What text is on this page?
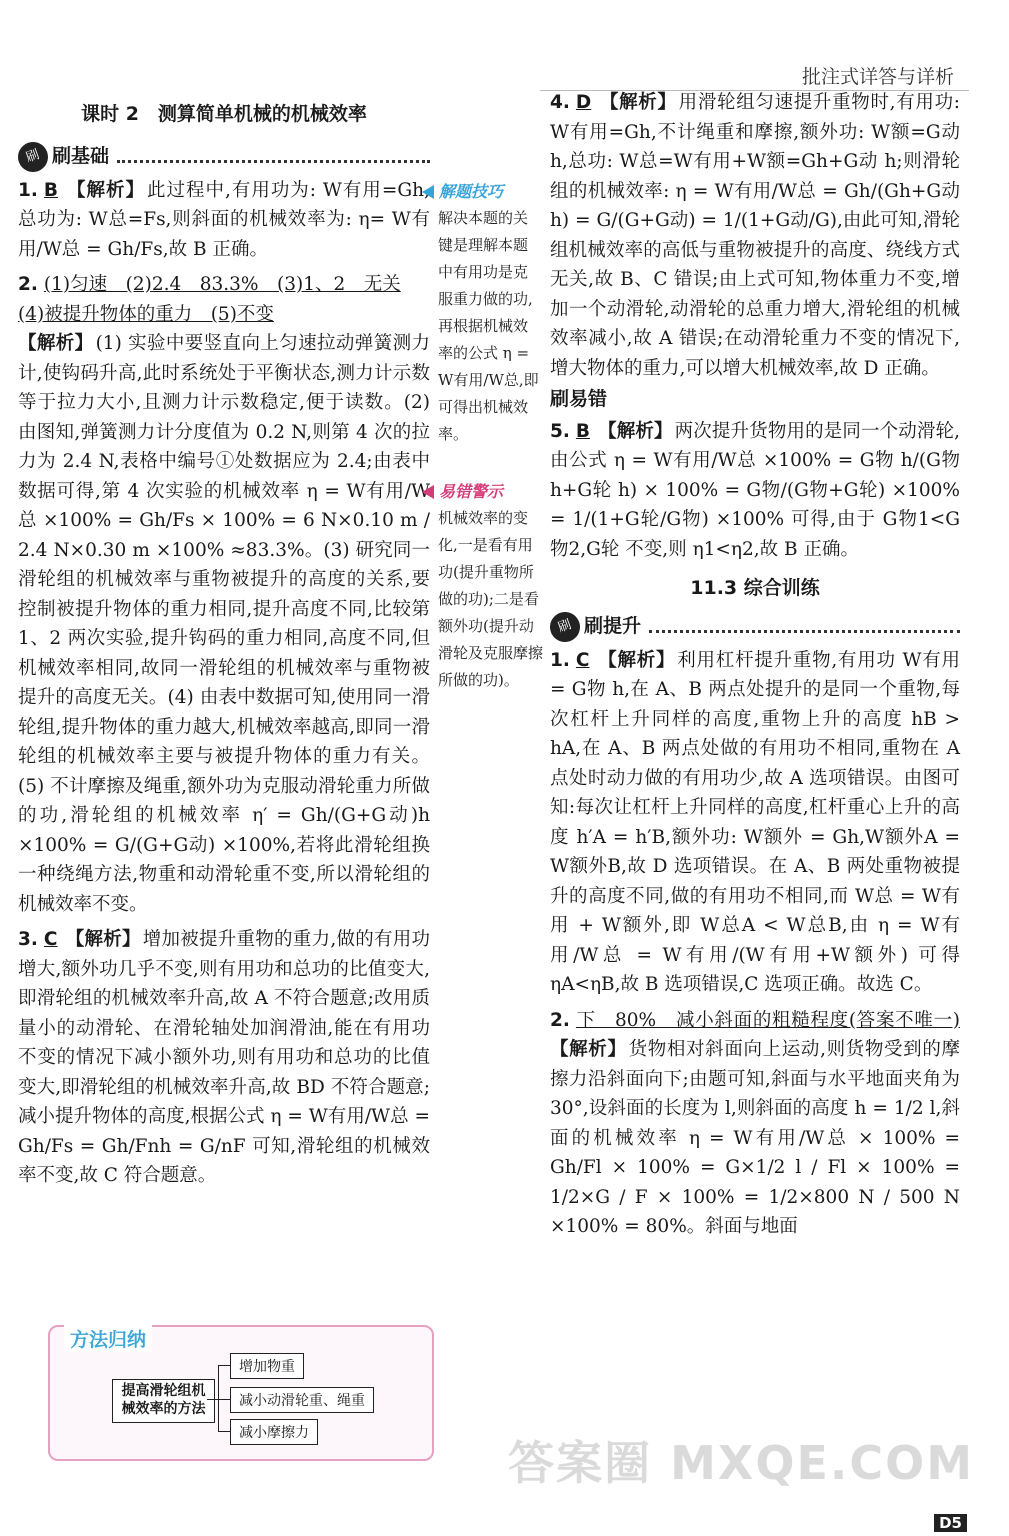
批注式详答与详析
课时 2　测算简单机械的机械效率
刷 刷基础

1. B 【解析】 此过程中,有用功为: W有用=Gh,总功为: W总=Fs,则斜面的机械效率为: η= W有用/W总 = Gh/Fs,故 B 正确。

2. (1)匀速　(2)2.4　83.3%　(3)1、2　无关
(4)被提升物体的重力　(5)不变
【解析】 (1) 实验中要竖直向上匀速拉动弹簧测力计,使钩码升高,此时系统处于平衡状态,测力计示数等于拉力大小,且测力计示数稳定,便于读数。(2) 由图知,弹簧测力计分度值为 0.2 N,则第 4 次的拉力为 2.4 N,表格中编号①处数据应为 2.4;由表中数据可得,第 4 次实验的机械效率 η = W有用/W总 ×100% = Gh/Fs × 100% = 6 N×0.10 m / 2.4 N×0.30 m ×100% ≈83.3%。(3) 研究同一滑轮组的机械效率与重物被提升的高度的关系,要控制被提升物体的重力相同,提升高度不同,比较第 1、2 两次实验,提升钩码的重力相同,高度不同,但机械效率相同,故同一滑轮组的机械效率与重物被提升的高度无关。(4) 由表中数据可知,使用同一滑轮组,提升物体的重力越大,机械效率越高,即同一滑轮组的机械效率主要与被提升物体的重力有关。(5) 不计摩擦及绳重,额外功为克服动滑轮重力所做的功,滑轮组的机械效率 η′ = Gh/(G+G动)h ×100% = G/(G+G动) ×100%,若将此滑轮组换一种绕绳方法,物重和动滑轮重不变,所以滑轮组的机械效率不变。

3. C 【解析】 增加被提升重物的重力,做的有用功增大,额外功几乎不变,则有用功和总功的比值变大,即滑轮组的机械效率升高,故 A 不符合题意;改用质量小的动滑轮、在滑轮轴处加润滑油,能在有用功不变的情况下减小额外功,则有用功和总功的比值变大,即滑轮组的机械效率升高,故 BD 不符合题意;减小提升物体的高度,根据公式 η = W有用/W总 = Gh/Fs = Gh/Fnh = G/nF 可知,滑轮组的机械效率不变,故 C 符合题意。

方法归纳
提高滑轮组机械效率的方法
增加物重
减小动滑轮重、绳重
减小摩擦力
解题技巧
解决本题的关键是理解本题中有用功是克服重力做的功,再根据机械效率的公式 η = W有用/W总,即可得出机械效率。
易错警示
机械效率的变化,一是看有用功(提升重物所做的功);二是看额外功(提升动滑轮及克服摩擦所做的功)。

4. D 【解析】 用滑轮组匀速提升重物时,有用功: W有用=Gh,不计绳重和摩擦,额外功: W额=G动 h,总功: W总=W有用+W额=Gh+G动 h;则滑轮组的机械效率: η = W有用/W总 = Gh/(Gh+G动 h) = G/(G+G动) = 1/(1+G动/G),由此可知,滑轮组机械效率的高低与重物被提升的高度、绕线方式无关,故 B、C 错误;由上式可知,物体重力不变,增加一个动滑轮,动滑轮的总重力增大,滑轮组的机械效率减小,故 A 错误;在动滑轮重力不变的情况下,增大物体的重力,可以增大机械效率,故 D 正确。

刷易错

5. B 【解析】 两次提升货物用的是同一个动滑轮,由公式 η = W有用/W总 ×100% = G物 h/(G物 h+G轮 h) × 100% = G物/(G物+G轮) ×100% = 1/(1+G轮/G物) ×100% 可得,由于 G物1<G物2,G轮 不变,则 η1<η2,故 B 正确。

11.3 综合训练
刷 刷提升

1. C 【解析】 利用杠杆提升重物,有用功 W有用 = G物 h,在 A、B 两点处提升的是同一个重物,每次杠杆上升同样的高度,重物上升的高度 hB > hA,在 A、B 两点处做的有用功不相同,重物在 A 点处时动力做的有用功少,故 A 选项错误。由图可知:每次让杠杆上升同样的高度,杠杆重心上升的高度 h′A = h′B,额外功: W额外 = Gh,W额外A = W额外B,故 D 选项错误。在 A、B 两处重物被提升的高度不同,做的有用功不相同,而 W总 = W有用 + W额外,即 W总A < W总B,由 η = W有用/W总 = W有用/(W有用+W额外) 可得 ηA<ηB,故 B 选项错误,C 选项正确。故选 C。

2. 下　80%　减小斜面的粗糙程度(答案不唯一)【解析】 货物相对斜面向上运动,则货物受到的摩擦力沿斜面向下;由题可知,斜面与水平地面夹角为 30°,设斜面的长度为 l,则斜面的高度 h = 1/2 l,斜面的机械效率 η = W有用/W总 × 100% = Gh/Fl × 100% = G×1/2 l / Fl × 100% = 1/2×G / F × 100% = 1/2×800 N / 500 N ×100% = 80%。斜面与地面

答案圈 MXQE.COM
D5
